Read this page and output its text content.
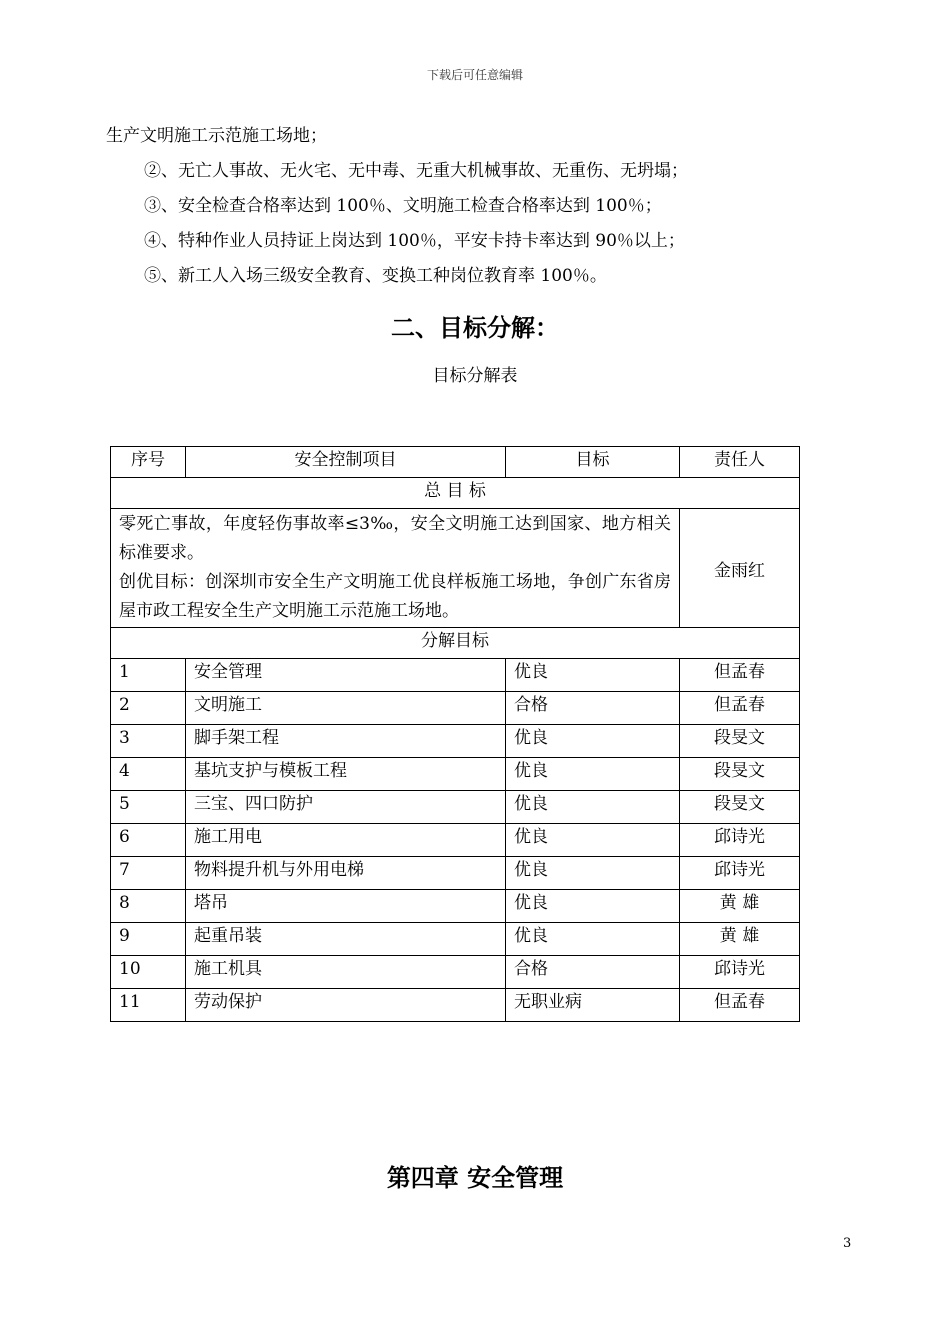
下载后可任意编辑
生产文明施工示范施工场地；
②、无亡人事故、无火宅、无中毒、无重大机械事故、无重伤、无坍塌；
③、安全检查合格率达到 100％、文明施工检查合格率达到 100％；
④、特种作业人员持证上岗达到 100％，平安卡持卡率达到 90％以上；
⑤、新工人入场三级安全教育、变换工种岗位教育率 100％。
二、目标分解：
目标分解表
序号	安全控制项目	目标	责任人
总 目 标			

零死亡事故，年度轻伤事故率≤3‰，安全文明施工达到国家、地方相关标准要求。
创优目标：创深圳市安全生产文明施工优良样板施工场地，争创广东省房屋市政工程安全生产文明施工示范施工场地。			金雨红
分解目标			
1	安全管理	优良	但孟春
2	文明施工	合格	但孟春
3	脚手架工程	优良	段旻文
4	基坑支护与模板工程	优良	段旻文
5	三宝、四口防护	优良	段旻文
6	施工用电	优良	邱诗光
7	物料提升机与外用电梯	优良	邱诗光
8	塔吊	优良	黄 雄
9	起重吊装	优良	黄 雄
10	施工机具	合格	邱诗光
11	劳动保护	无职业病	但孟春
第四章 安全管理
3
